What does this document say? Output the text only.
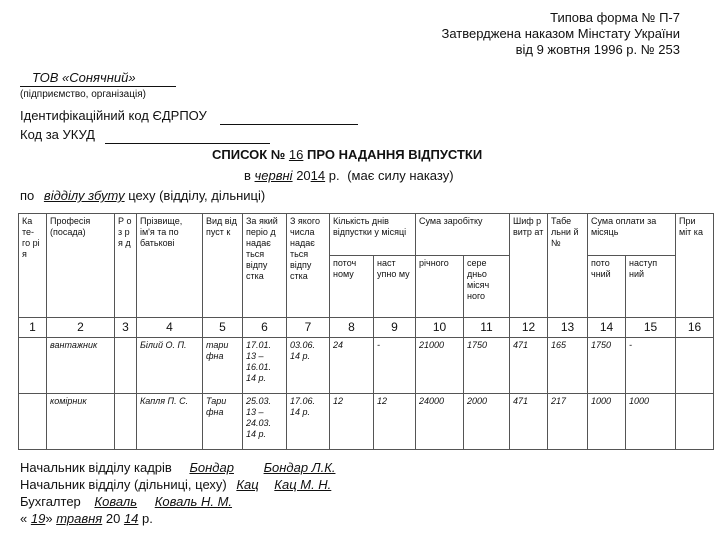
Типова форма № П-7
Затверджена наказом Мінстату України
від 9 жовтня 1996 р. № 253
ТОВ «Сонячний»
(підприємство, організація)
Ідентифікаційний код ЄДРПОУ
Код за УКУД
СПИСОК № 16 ПРО НАДАННЯ ВІДПУСТКИ
в червні 2014 р. (має силу наказу)
по відділу збуту цеху (відділу, дільниці)
Ка те- го рі я	Професія (посада)	Р о з р я д	Прізвище, ім'я та по батькові	Вид від пуст к	За який періо д надає ться відпу стка	З якого числа надає ться відпу стка	Кількість днів відпустки у місяці		Сума заробітку		Шиф р витр ат	Табе льни й №	Сума оплати за місяць		При міт ка
							поточ ному	наст упно му	річного	сере дньо місяч ного			пото чний	наступ ний	
1	2	3	4	5	6	7	8	9	10	11	12	13	14	15	16
	вантажник		Білий О. П.	тари фна	17.01. 13 – 16.01. 14 р.	03.06. 14 р.	24	-	21000	1750	471	165	1750	-	
	комірник		Капля П. С.	Тари фна	25.03. 13 – 24.03. 14 р.	17.06. 14 р.	12	12	24000	2000	471	217	1000	1000	
Начальник відділу кадрів Бондар Бондар Л.К.
Начальник відділу (дільниці, цеху) Кац Кац М. Н.
Бухгалтер Коваль Коваль Н. М.
« 19» травня 20 14 р.
